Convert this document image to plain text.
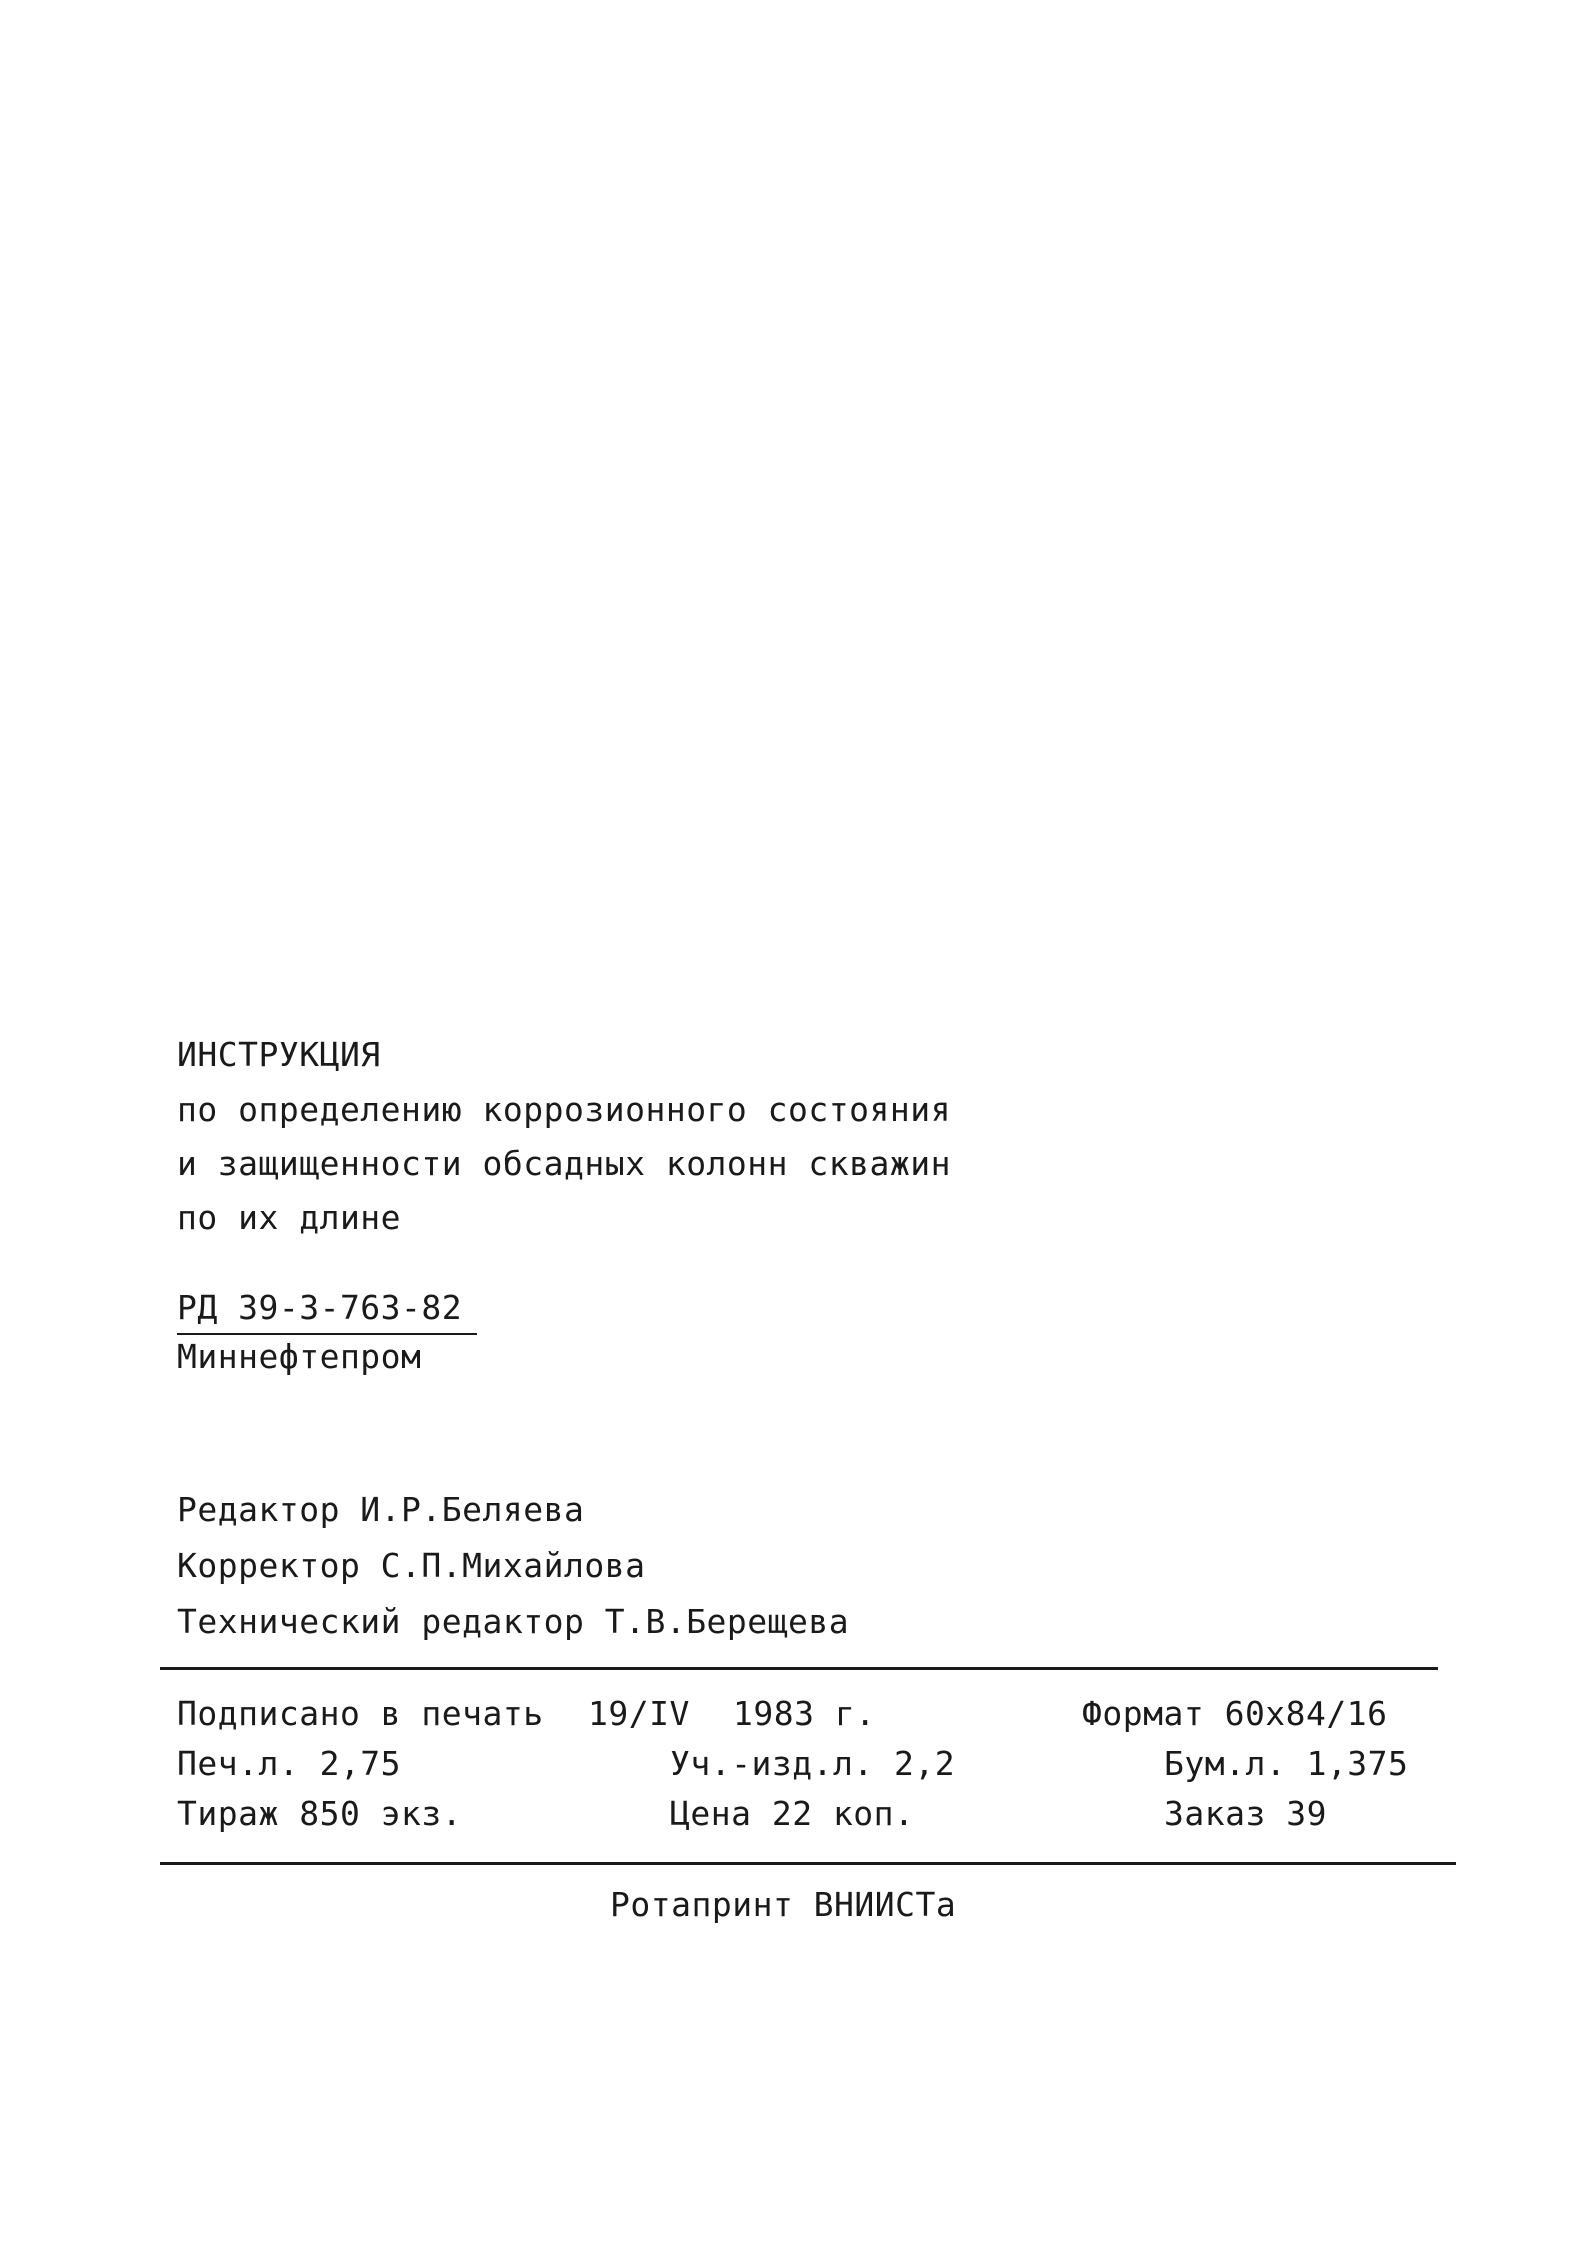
ИНСТРУКЦИЯ
по определению коррозионного состояния
и защищенности обсадных колонн скважин
по их длине
РД 39-3-763-82
Миннефтепром
Редактор И.Р.Беляева
Корректор С.П.Михайлова
Технический редактор Т.В.Берещева
Подписано в печать 19/IV 1983 г.	Формат 60x84/16
Печ.л. 2,75	Уч.-изд.л. 2,2	Бум.л. 1,375
Тираж 850 экз.	Цена 22 коп.	Заказ 39
Ротапринт ВНИИСТа
